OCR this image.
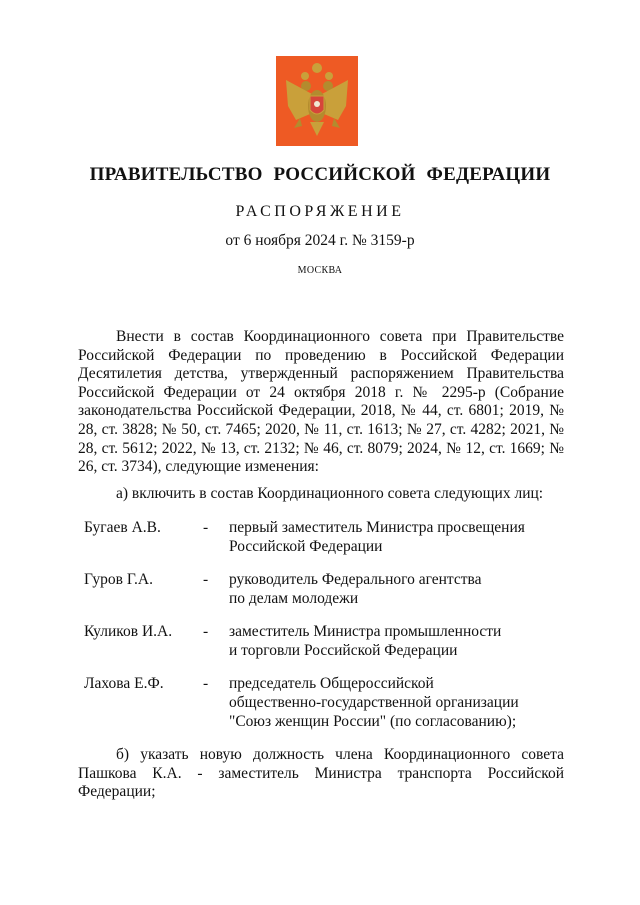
ПРАВИТЕЛЬСТВО РОССИЙСКОЙ ФЕДЕРАЦИИ
РАСПОРЯЖЕНИЕ
от 6 ноября 2024 г. № 3159-р
МОСКВА
Внести в состав Координационного совета при Правительстве Российской Федерации по проведению в Российской Федерации Десятилетия детства, утвержденный распоряжением Правительства Российской Федерации от 24 октября 2018 г. № 2295-р (Собрание законодательства Российской Федерации, 2018, № 44, ст. 6801; 2019, № 28, ст. 3828; № 50, ст. 7465; 2020, № 11, ст. 1613; № 27, ст. 4282; 2021, № 28, ст. 5612; 2022, № 13, ст. 2132; № 46, ст. 8079; 2024, № 12, ст. 1669; № 26, ст. 3734), следующие изменения:
а) включить в состав Координационного совета следующих лиц:
Бугаев А.В.	- первый заместитель Министра просвещения
Российской Федерации
Гуров Г.А.	- руководитель Федерального агентства
по делам молодежи
Куликов И.А. - заместитель Министра промышленности
и торговли Российской Федерации
Лахова Е.Ф.	- председатель Общероссийской
общественно-государственной организации
"Союз женщин России" (по согласованию);
б) указать новую должность члена Координационного совета Пашкова К.А. - заместитель Министра транспорта Российской Федерации;
